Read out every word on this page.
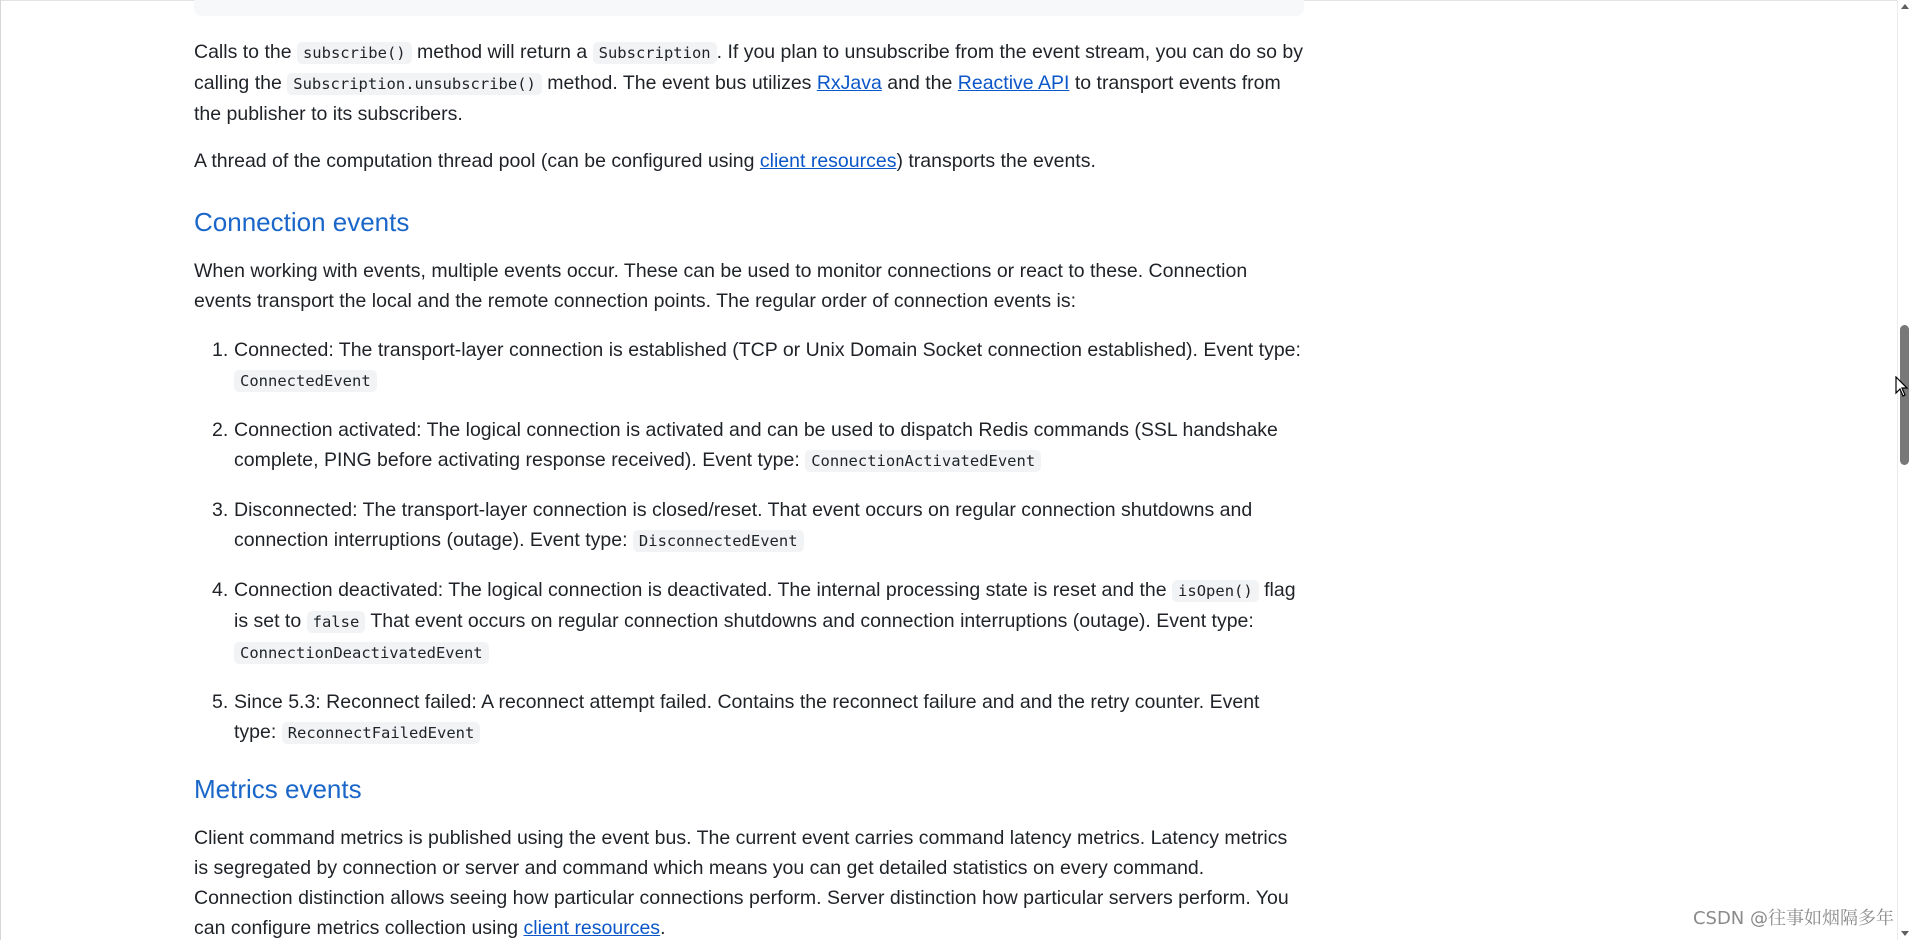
Calls to the subscribe() method will return a Subscription . If you plan to unsubscribe from the event stream, you can do so by calling the Subscription.unsubscribe() method. The event bus utilizes RxJava and the Reactive API to transport events from the publisher to its subscribers.

A thread of the computation thread pool (can be configured using client resources) transports the events.

Connection events

When working with events, multiple events occur. These can be used to monitor connections or react to these. Connection events transport the local and the remote connection points. The regular order of connection events is:

1. Connected: The transport-layer connection is established (TCP or Unix Domain Socket connection established). Event type: ConnectedEvent
2. Connection activated: The logical connection is activated and can be used to dispatch Redis commands (SSL handshake complete, PING before activating response received). Event type: ConnectionActivatedEvent
3. Disconnected: The transport-layer connection is closed/reset. That event occurs on regular connection shutdowns and connection interruptions (outage). Event type: DisconnectedEvent
4. Connection deactivated: The logical connection is deactivated. The internal processing state is reset and the isOpen() flag is set to false That event occurs on regular connection shutdowns and connection interruptions (outage). Event type: ConnectionDeactivatedEvent
5. Since 5.3: Reconnect failed: A reconnect attempt failed. Contains the reconnect failure and and the retry counter. Event type: ReconnectFailedEvent
Metrics events

Client command metrics is published using the event bus. The current event carries command latency metrics. Latency metrics is segregated by connection or server and command which means you can get detailed statistics on every command. Connection distinction allows seeing how particular connections perform. Server distinction how particular servers perform. You can configure metrics collection using client resources.	CSDN @往事如烟隔多年
